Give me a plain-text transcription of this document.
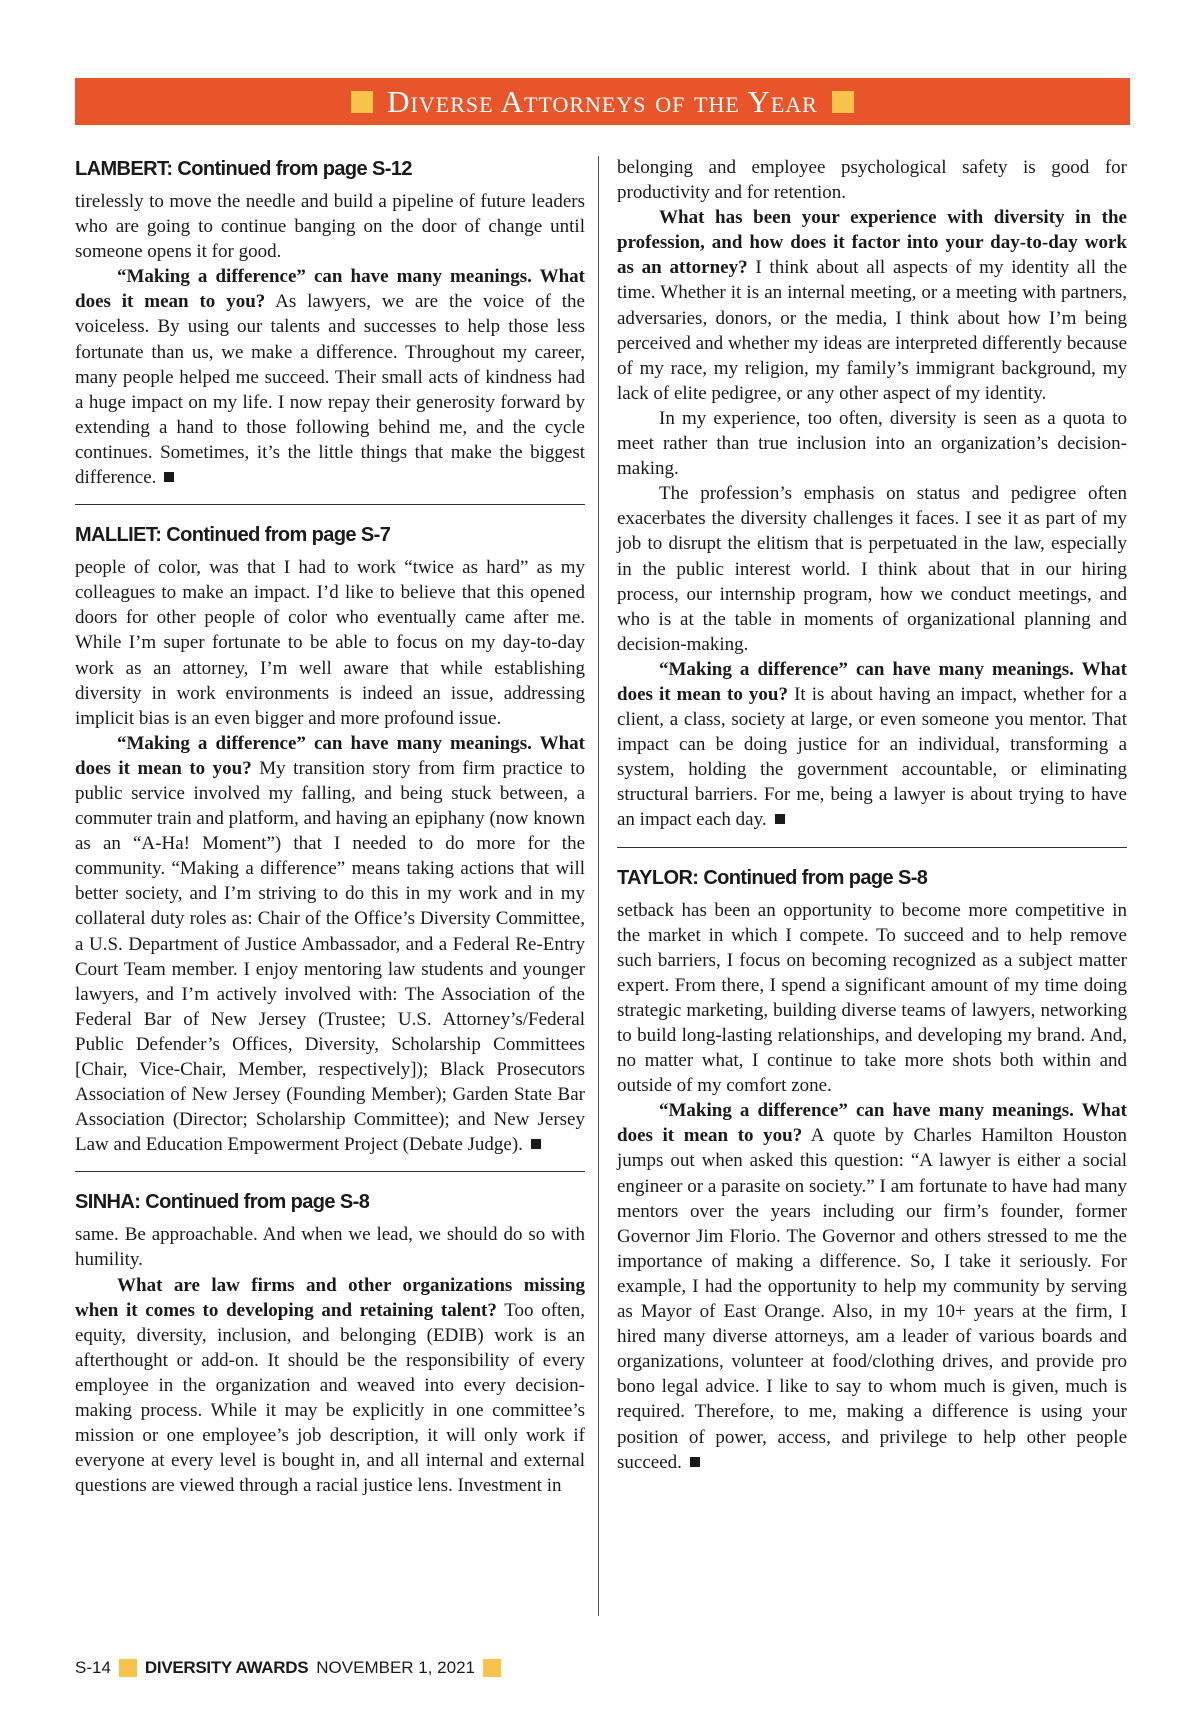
Diverse Attorneys of the Year
LAMBERT: Continued from page S-12

tirelessly to move the needle and build a pipeline of future leaders who are going to continue banging on the door of change until someone opens it for good.

“Making a difference” can have many meanings. What does it mean to you? As lawyers, we are the voice of the voiceless. By using our talents and successes to help those less fortunate than us, we make a difference. Throughout my career, many people helped me succeed. Their small acts of kindness had a huge impact on my life. I now repay their generosity forward by extending a hand to those following behind me, and the cycle continues. Sometimes, it’s the little things that make the biggest difference.

MALLIET: Continued from page S-7

people of color, was that I had to work “twice as hard” as my colleagues to make an impact. I’d like to believe that this opened doors for other people of color who eventually came after me. While I’m super fortunate to be able to focus on my day-to-day work as an attorney, I’m well aware that while establishing diversity in work environments is indeed an issue, addressing implicit bias is an even bigger and more profound issue.

“Making a difference” can have many meanings. What does it mean to you? My transition story from firm practice to public service involved my falling, and being stuck between, a commuter train and platform, and having an epiphany (now known as an “A-Ha! Moment”) that I needed to do more for the community. “Making a difference” means taking actions that will better society, and I’m striving to do this in my work and in my collateral duty roles as: Chair of the Office’s Diversity Committee, a U.S. Department of Justice Ambassador, and a Federal Re-Entry Court Team member. I enjoy mentoring law students and younger lawyers, and I’m actively involved with: The Association of the Federal Bar of New Jersey (Trustee; U.S. Attorney’s/Federal Public Defender’s Offices, Diversity, Scholarship Committees [Chair, Vice-Chair, Member, respectively]); Black Prosecutors Association of New Jersey (Founding Member); Garden State Bar Association (Director; Scholarship Committee); and New Jersey Law and Education Empowerment Project (Debate Judge).

SINHA: Continued from page S-8

same. Be approachable. And when we lead, we should do so with humility.

What are law firms and other organizations missing when it comes to developing and retaining talent? Too often, equity, diversity, inclusion, and belonging (EDIB) work is an afterthought or add-on. It should be the responsibility of every employee in the organization and weaved into every decision-making process. While it may be explicitly in one committee’s mission or one employee’s job description, it will only work if everyone at every level is bought in, and all internal and external questions are viewed through a racial justice lens. Investment in

belonging and employee psychological safety is good for productivity and for retention.

What has been your experience with diversity in the profession, and how does it factor into your day-to-day work as an attorney? I think about all aspects of my identity all the time. Whether it is an internal meeting, or a meeting with partners, adversaries, donors, or the media, I think about how I’m being perceived and whether my ideas are interpreted differently because of my race, my religion, my family’s immigrant background, my lack of elite pedigree, or any other aspect of my identity.

In my experience, too often, diversity is seen as a quota to meet rather than true inclusion into an organization’s decision-making.

The profession’s emphasis on status and pedigree often exacerbates the diversity challenges it faces. I see it as part of my job to disrupt the elitism that is perpetuated in the law, especially in the public interest world. I think about that in our hiring process, our internship program, how we conduct meetings, and who is at the table in moments of organizational planning and decision-making.

“Making a difference” can have many meanings. What does it mean to you? It is about having an impact, whether for a client, a class, society at large, or even someone you mentor. That impact can be doing justice for an individual, transforming a system, holding the government accountable, or eliminating structural barriers. For me, being a lawyer is about trying to have an impact each day.

TAYLOR: Continued from page S-8

setback has been an opportunity to become more competitive in the market in which I compete. To succeed and to help remove such barriers, I focus on becoming recognized as a subject matter expert. From there, I spend a significant amount of my time doing strategic marketing, building diverse teams of lawyers, networking to build long-lasting relationships, and developing my brand. And, no matter what, I continue to take more shots both within and outside of my comfort zone.

“Making a difference” can have many meanings. What does it mean to you? A quote by Charles Hamilton Houston jumps out when asked this question: “A lawyer is either a social engineer or a parasite on society.” I am fortunate to have had many mentors over the years including our firm’s founder, former Governor Jim Florio. The Governor and others stressed to me the importance of making a difference. So, I take it seriously. For example, I had the opportunity to help my community by serving as Mayor of East Orange. Also, in my 10+ years at the firm, I hired many diverse attorneys, am a leader of various boards and organizations, volunteer at food/clothing drives, and provide pro bono legal advice. I like to say to whom much is given, much is required. Therefore, to me, making a difference is using your position of power, access, and privilege to help other people succeed.

S-14 DIVERSITY AWARDS NOVEMBER 1, 2021
